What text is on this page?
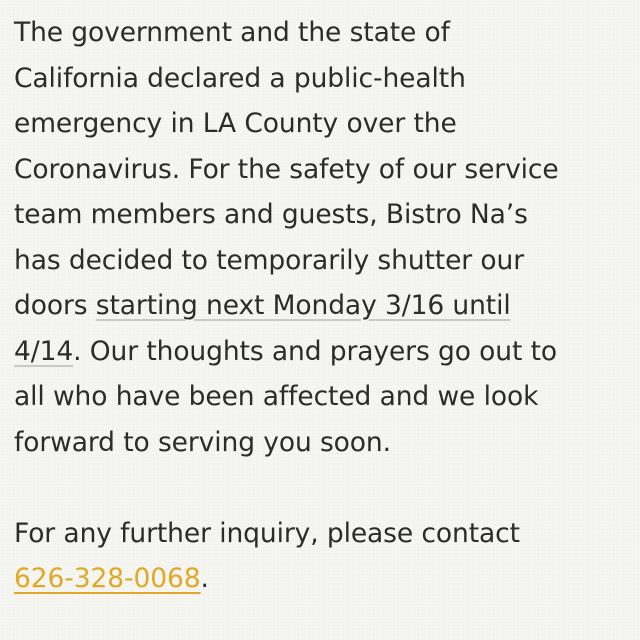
The government and the state of
California declared a public-health
emergency in LA County over the
Coronavirus. For the safety of our service
team members and guests, Bistro Na’s
has decided to temporarily shutter our
doors starting next Monday 3/16 until
4/14. Our thoughts and prayers go out to
all who have been affected and we look
forward to serving you soon.
For any further inquiry, please contact
626-328-0068.
